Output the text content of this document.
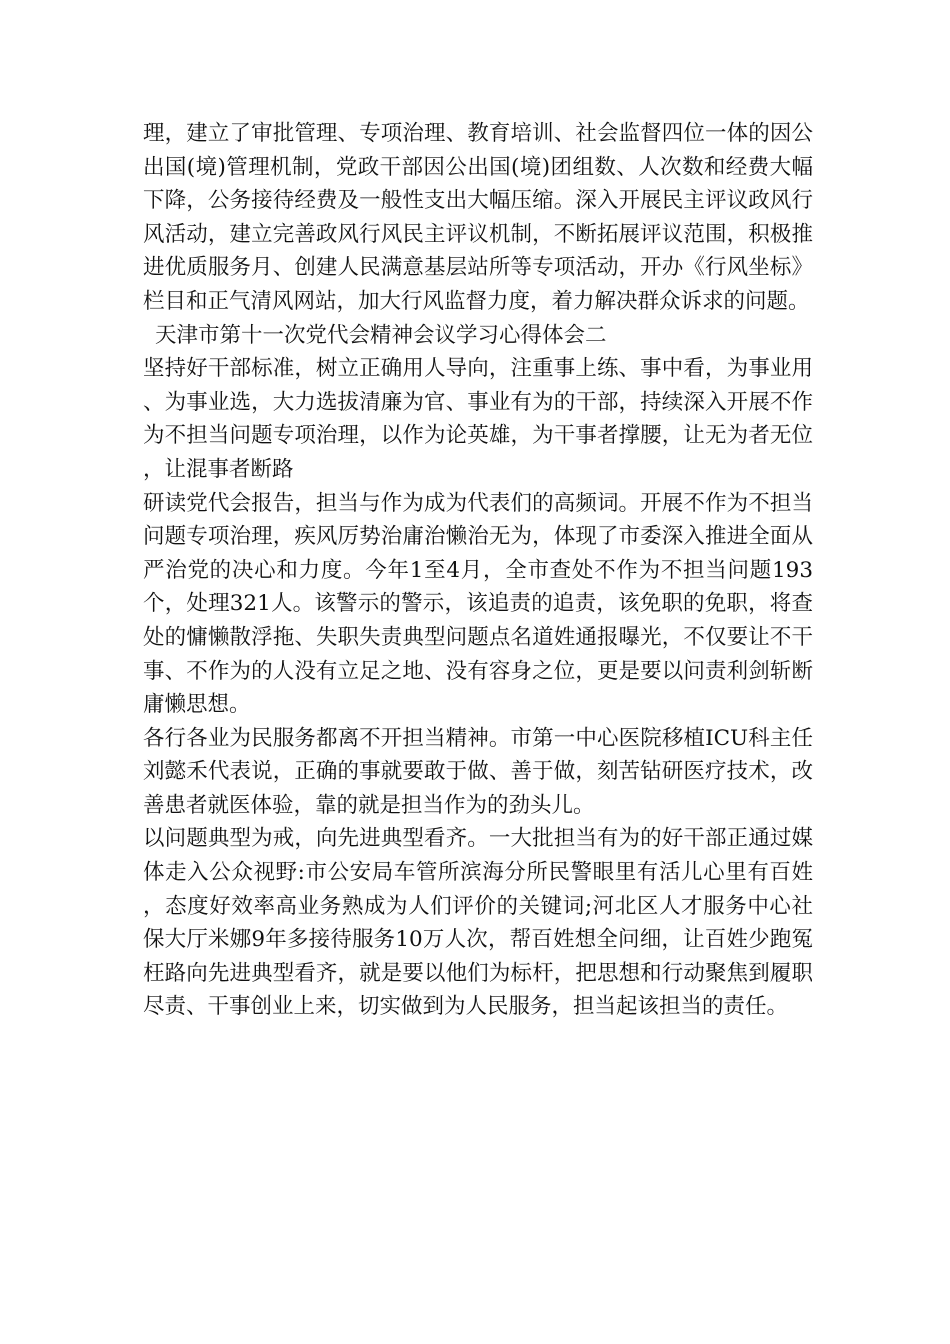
理，建立了审批管理、专项治理、教育培训、社会监督四位一体的因公出国(境)管理机制，党政干部因公出国(境)团组数、人次数和经费大幅下降，公务接待经费及一般性支出大幅压缩。深入开展民主评议政风行风活动，建立完善政风行风民主评议机制，不断拓展评议范围，积极推进优质服务月、创建人民满意基层站所等专项活动，开办《行风坐标》栏目和正气清风网站，加大行风监督力度，着力解决群众诉求的问题。

天津市第十一次党代会精神会议学习心得体会二

坚持好干部标准，树立正确用人导向，注重事上练、事中看，为事业用、为事业选，大力选拔清廉为官、事业有为的干部，持续深入开展不作为不担当问题专项治理，以作为论英雄，为干事者撑腰，让无为者无位，让混事者断路

研读党代会报告，担当与作为成为代表们的高频词。开展不作为不担当问题专项治理，疾风厉势治庸治懒治无为，体现了市委深入推进全面从严治党的决心和力度。今年1至4月，全市查处不作为不担当问题193个，处理321人。该警示的警示，该追责的追责，该免职的免职，将查处的慵懒散浮拖、失职失责典型问题点名道姓通报曝光，不仅要让不干事、不作为的人没有立足之地、没有容身之位，更是要以问责利剑斩断庸懒思想。

各行各业为民服务都离不开担当精神。市第一中心医院移植ICU科主任刘懿禾代表说，正确的事就要敢于做、善于做，刻苦钻研医疗技术，改善患者就医体验，靠的就是担当作为的劲头儿。

以问题典型为戒，向先进典型看齐。一大批担当有为的好干部正通过媒体走入公众视野:市公安局车管所滨海分所民警眼里有活儿心里有百姓，态度好效率高业务熟成为人们评价的关键词;河北区人才服务中心社保大厅米娜9年多接待服务10万人次，帮百姓想全问细，让百姓少跑冤枉路向先进典型看齐，就是要以他们为标杆，把思想和行动聚焦到履职尽责、干事创业上来，切实做到为人民服务，担当起该担当的责任。
